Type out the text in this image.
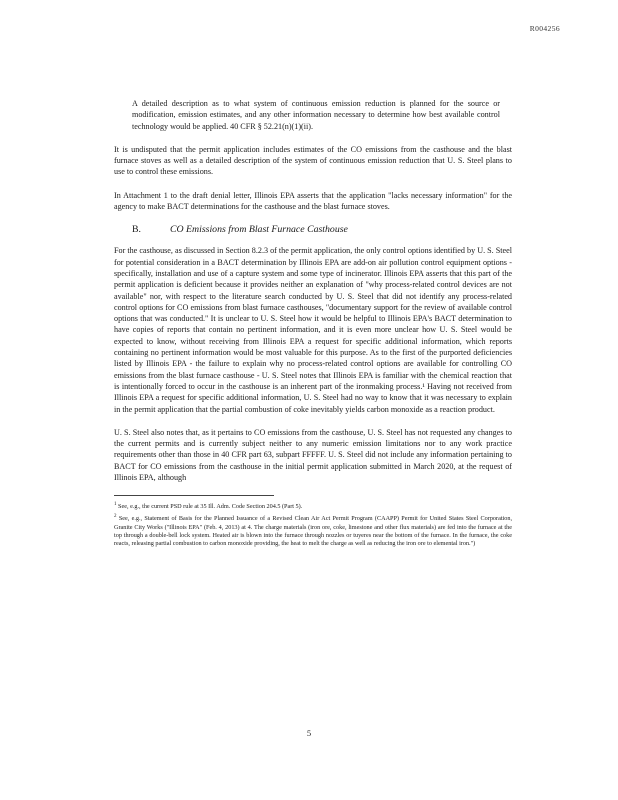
R004256

A detailed description as to what system of continuous emission reduction is planned for the source or modification, emission estimates, and any other information necessary to determine how best available control technology would be applied. 40 CFR § 52.21(n)(1)(ii).

It is undisputed that the permit application includes estimates of the CO emissions from the casthouse and the blast furnace stoves as well as a detailed description of the system of continuous emission reduction that U. S. Steel plans to use to control these emissions.

In Attachment 1 to the draft denial letter, Illinois EPA asserts that the application "lacks necessary information" for the agency to make BACT determinations for the casthouse and the blast furnace stoves.

B.	CO Emissions from Blast Furnace Casthouse

For the casthouse, as discussed in Section 8.2.3 of the permit application, the only control options identified by U. S. Steel for potential consideration in a BACT determination by Illinois EPA are add-on air pollution control equipment options - specifically, installation and use of a capture system and some type of incinerator. Illinois EPA asserts that this part of the permit application is deficient because it provides neither an explanation of "why process-related control devices are not available" nor, with respect to the literature search conducted by U. S. Steel that did not identify any process-related control options for CO emissions from blast furnace casthouses, "documentary support for the review of available control options that was conducted." It is unclear to U. S. Steel how it would be helpful to Illinois EPA's BACT determination to have copies of reports that contain no pertinent information, and it is even more unclear how U. S. Steel would be expected to know, without receiving from Illinois EPA a request for specific additional information, which reports containing no pertinent information would be most valuable for this purpose. As to the first of the purported deficiencies listed by Illinois EPA - the failure to explain why no process-related control options are available for controlling CO emissions from the blast furnace casthouse - U. S. Steel notes that Illinois EPA is familiar with the chemical reaction that is intentionally forced to occur in the casthouse is an inherent part of the ironmaking process.¹ Having not received from Illinois EPA a request for specific additional information, U. S. Steel had no way to know that it was necessary to explain in the permit application that the partial combustion of coke inevitably yields carbon monoxide as a reaction product.

U. S. Steel also notes that, as it pertains to CO emissions from the casthouse, U. S. Steel has not requested any changes to the current permits and is currently subject neither to any numeric emission limitations nor to any work practice requirements other than those in 40 CFR part 63, subpart FFFFF. U. S. Steel did not include any information pertaining to BACT for CO emissions from the casthouse in the initial permit application submitted in March 2020, at the request of Illinois EPA, although

$^1$ See, e.g., the current PSD rule at 35 Ill. Adm. Code Section 204.5 (Part 5).

$^2$ See, e.g., Statement of Basis for the Planned Issuance of a Revised Clean Air Act Permit Program (CAAPP) Permit for United States Steel Corporation, Granite City Works ("Illinois EPA" (Feb. 4, 2013) at 4. The charge materials (iron ore, coke, limestone and other flux materials) are fed into the furnace at the top through a double-bell lock system. Heated air is blown into the furnace through nozzles or tuyeres near the bottom of the furnace. In the furnace, the coke reacts, releasing partial combustion to carbon monoxide providing, the heat to melt the charge as well as reducing the iron ore to elemental iron.")

5
